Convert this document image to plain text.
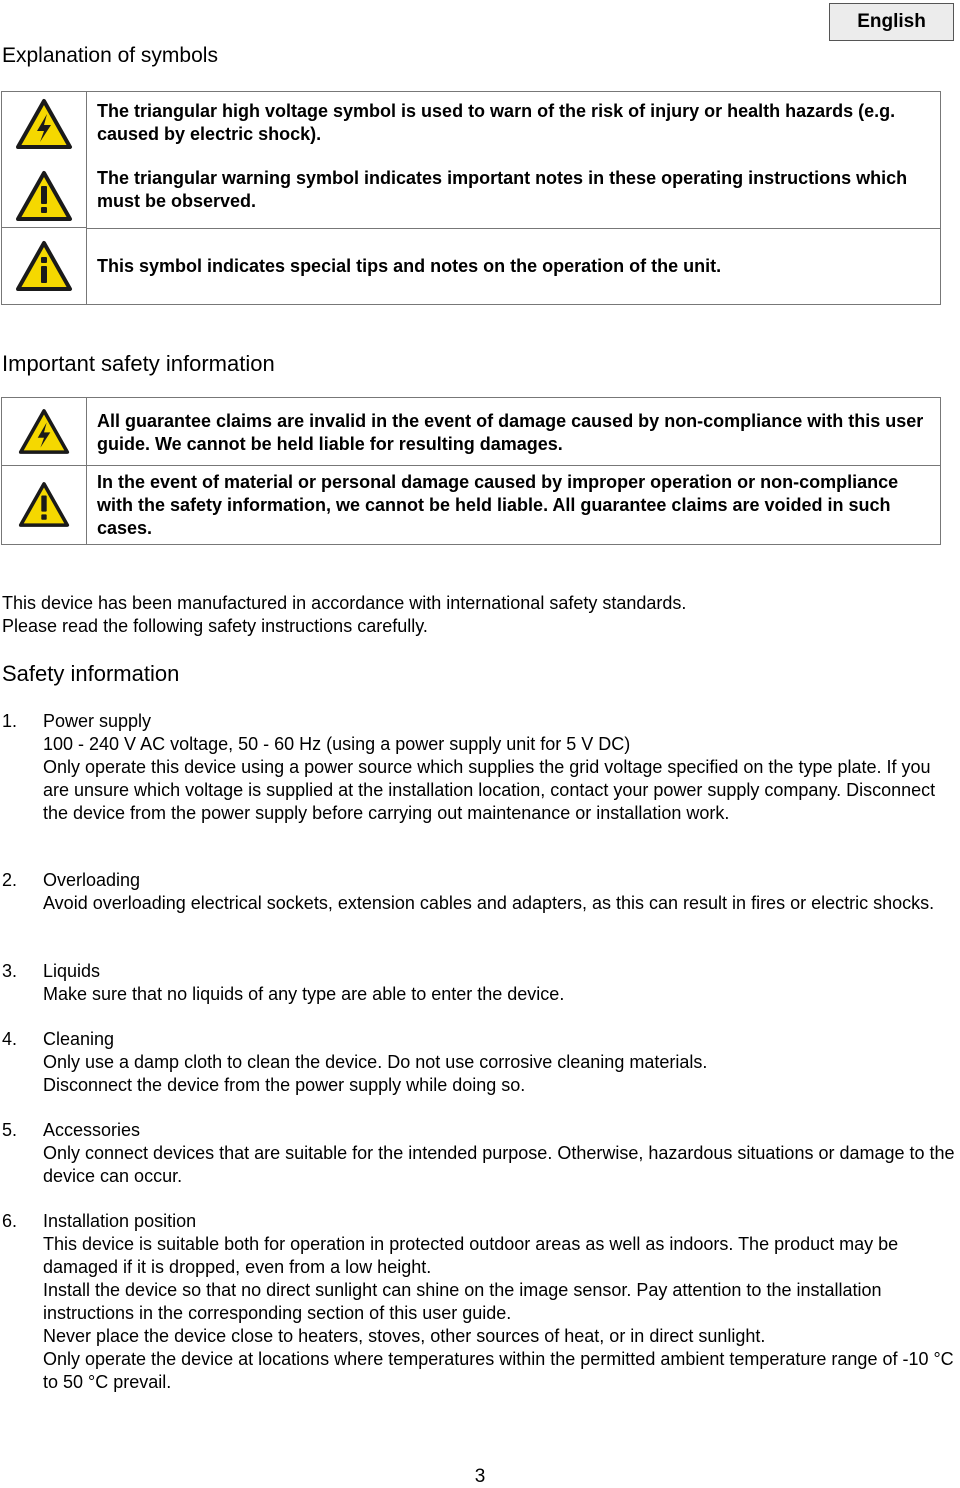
English
Explanation of symbols

The triangular high voltage symbol is used to warn of the risk of injury or health hazards (e.g. caused by electric shock).
The triangular warning symbol indicates important notes in these operating instructions which must be observed.
This symbol indicates special tips and notes on the operation of the unit.
Important safety information

All guarantee claims are invalid in the event of damage caused by non-compliance with this user guide. We cannot be held liable for resulting damages.
In the event of material or personal damage caused by improper operation or non-compliance with the safety information, we cannot be held liable. All guarantee claims are voided in such cases.
This device has been manufactured in accordance with international safety standards.
Please read the following safety instructions carefully.
Safety information
1. Power supply
100 - 240 V AC voltage, 50 - 60 Hz (using a power supply unit for 5 V DC)
Only operate this device using a power source which supplies the grid voltage specified on the type plate. If you are unsure which voltage is supplied at the installation location, contact your power supply company. Disconnect the device from the power supply before carrying out maintenance or installation work.
2. Overloading
Avoid overloading electrical sockets, extension cables and adapters, as this can result in fires or electric shocks.
3. Liquids
Make sure that no liquids of any type are able to enter the device.
4. Cleaning
Only use a damp cloth to clean the device. Do not use corrosive cleaning materials.
Disconnect the device from the power supply while doing so.
5. Accessories
Only connect devices that are suitable for the intended purpose. Otherwise, hazardous situations or damage to the device can occur.
6. Installation position
This device is suitable both for operation in protected outdoor areas as well as indoors. The product may be damaged if it is dropped, even from a low height.
Install the device so that no direct sunlight can shine on the image sensor. Pay attention to the installation instructions in the corresponding section of this user guide.
Never place the device close to heaters, stoves, other sources of heat, or in direct sunlight.
Only operate the device at locations where temperatures within the permitted ambient temperature range of -10 °C to 50 °C prevail.
3
